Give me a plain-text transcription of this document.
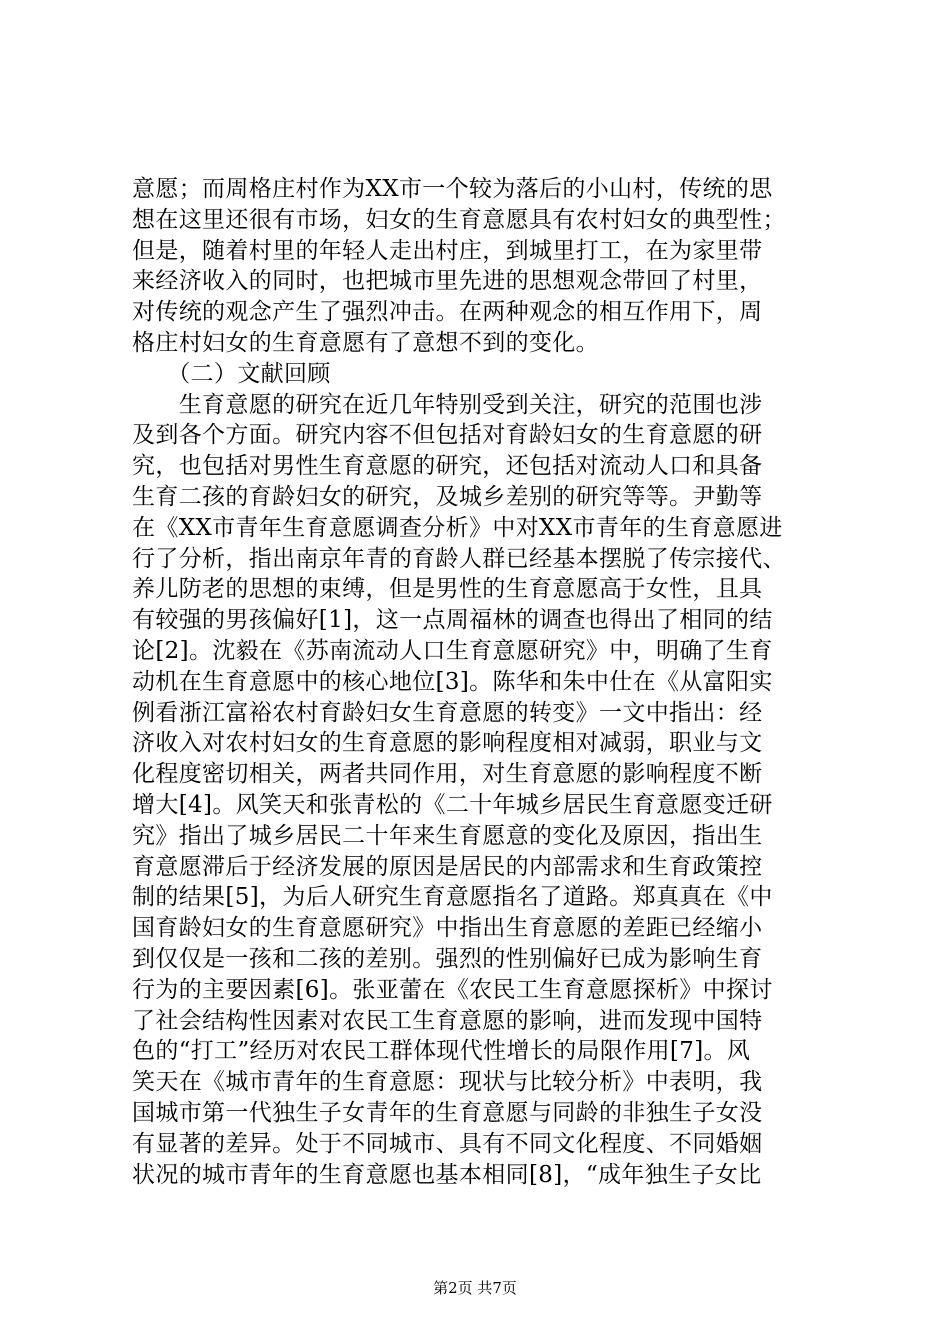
意愿；而周格庄村作为XX市一个较为落后的小山村，传统的思
想在这里还很有市场，妇女的生育意愿具有农村妇女的典型性；
但是，随着村里的年轻人走出村庄，到城里打工，在为家里带
来经济收入的同时，也把城市里先进的思想观念带回了村里，
对传统的观念产生了强烈冲击。在两种观念的相互作用下，周
格庄村妇女的生育意愿有了意想不到的变化。
　　（二）文献回顾
　　生育意愿的研究在近几年特别受到关注，研究的范围也涉
及到各个方面。研究内容不但包括对育龄妇女的生育意愿的研
究，也包括对男性生育意愿的研究，还包括对流动人口和具备
生育二孩的育龄妇女的研究，及城乡差别的研究等等。尹勤等
在《XX市青年生育意愿调查分析》中对XX市青年的生育意愿进
行了分析，指出南京年青的育龄人群已经基本摆脱了传宗接代、
养儿防老的思想的束缚，但是男性的生育意愿高于女性，且具
有较强的男孩偏好[1]，这一点周福林的调查也得出了相同的结
论[2]。沈毅在《苏南流动人口生育意愿研究》中，明确了生育
动机在生育意愿中的核心地位[3]。陈华和朱中仕在《从富阳实
例看浙江富裕农村育龄妇女生育意愿的转变》一文中指出：经
济收入对农村妇女的生育意愿的影响程度相对减弱，职业与文
化程度密切相关，两者共同作用，对生育意愿的影响程度不断
增大[4]。风笑天和张青松的《二十年城乡居民生育意愿变迁研
究》指出了城乡居民二十年来生育愿意的变化及原因，指出生
育意愿滞后于经济发展的原因是居民的内部需求和生育政策控
制的结果[5]，为后人研究生育意愿指名了道路。郑真真在《中
国育龄妇女的生育意愿研究》中指出生育意愿的差距已经缩小
到仅仅是一孩和二孩的差别。强烈的性别偏好已成为影响生育
行为的主要因素[6]。张亚蕾在《农民工生育意愿探析》中探讨
了社会结构性因素对农民工生育意愿的影响，进而发现中国特
色的“打工”经历对农民工群体现代性增长的局限作用[7]。风
笑天在《城市青年的生育意愿：现状与比较分析》中表明，我
国城市第一代独生子女青年的生育意愿与同龄的非独生子女没
有显著的差异。处于不同城市、具有不同文化程度、不同婚姻
状况的城市青年的生育意愿也基本相同[8]，“成年独生子女比
第2页 共7页
